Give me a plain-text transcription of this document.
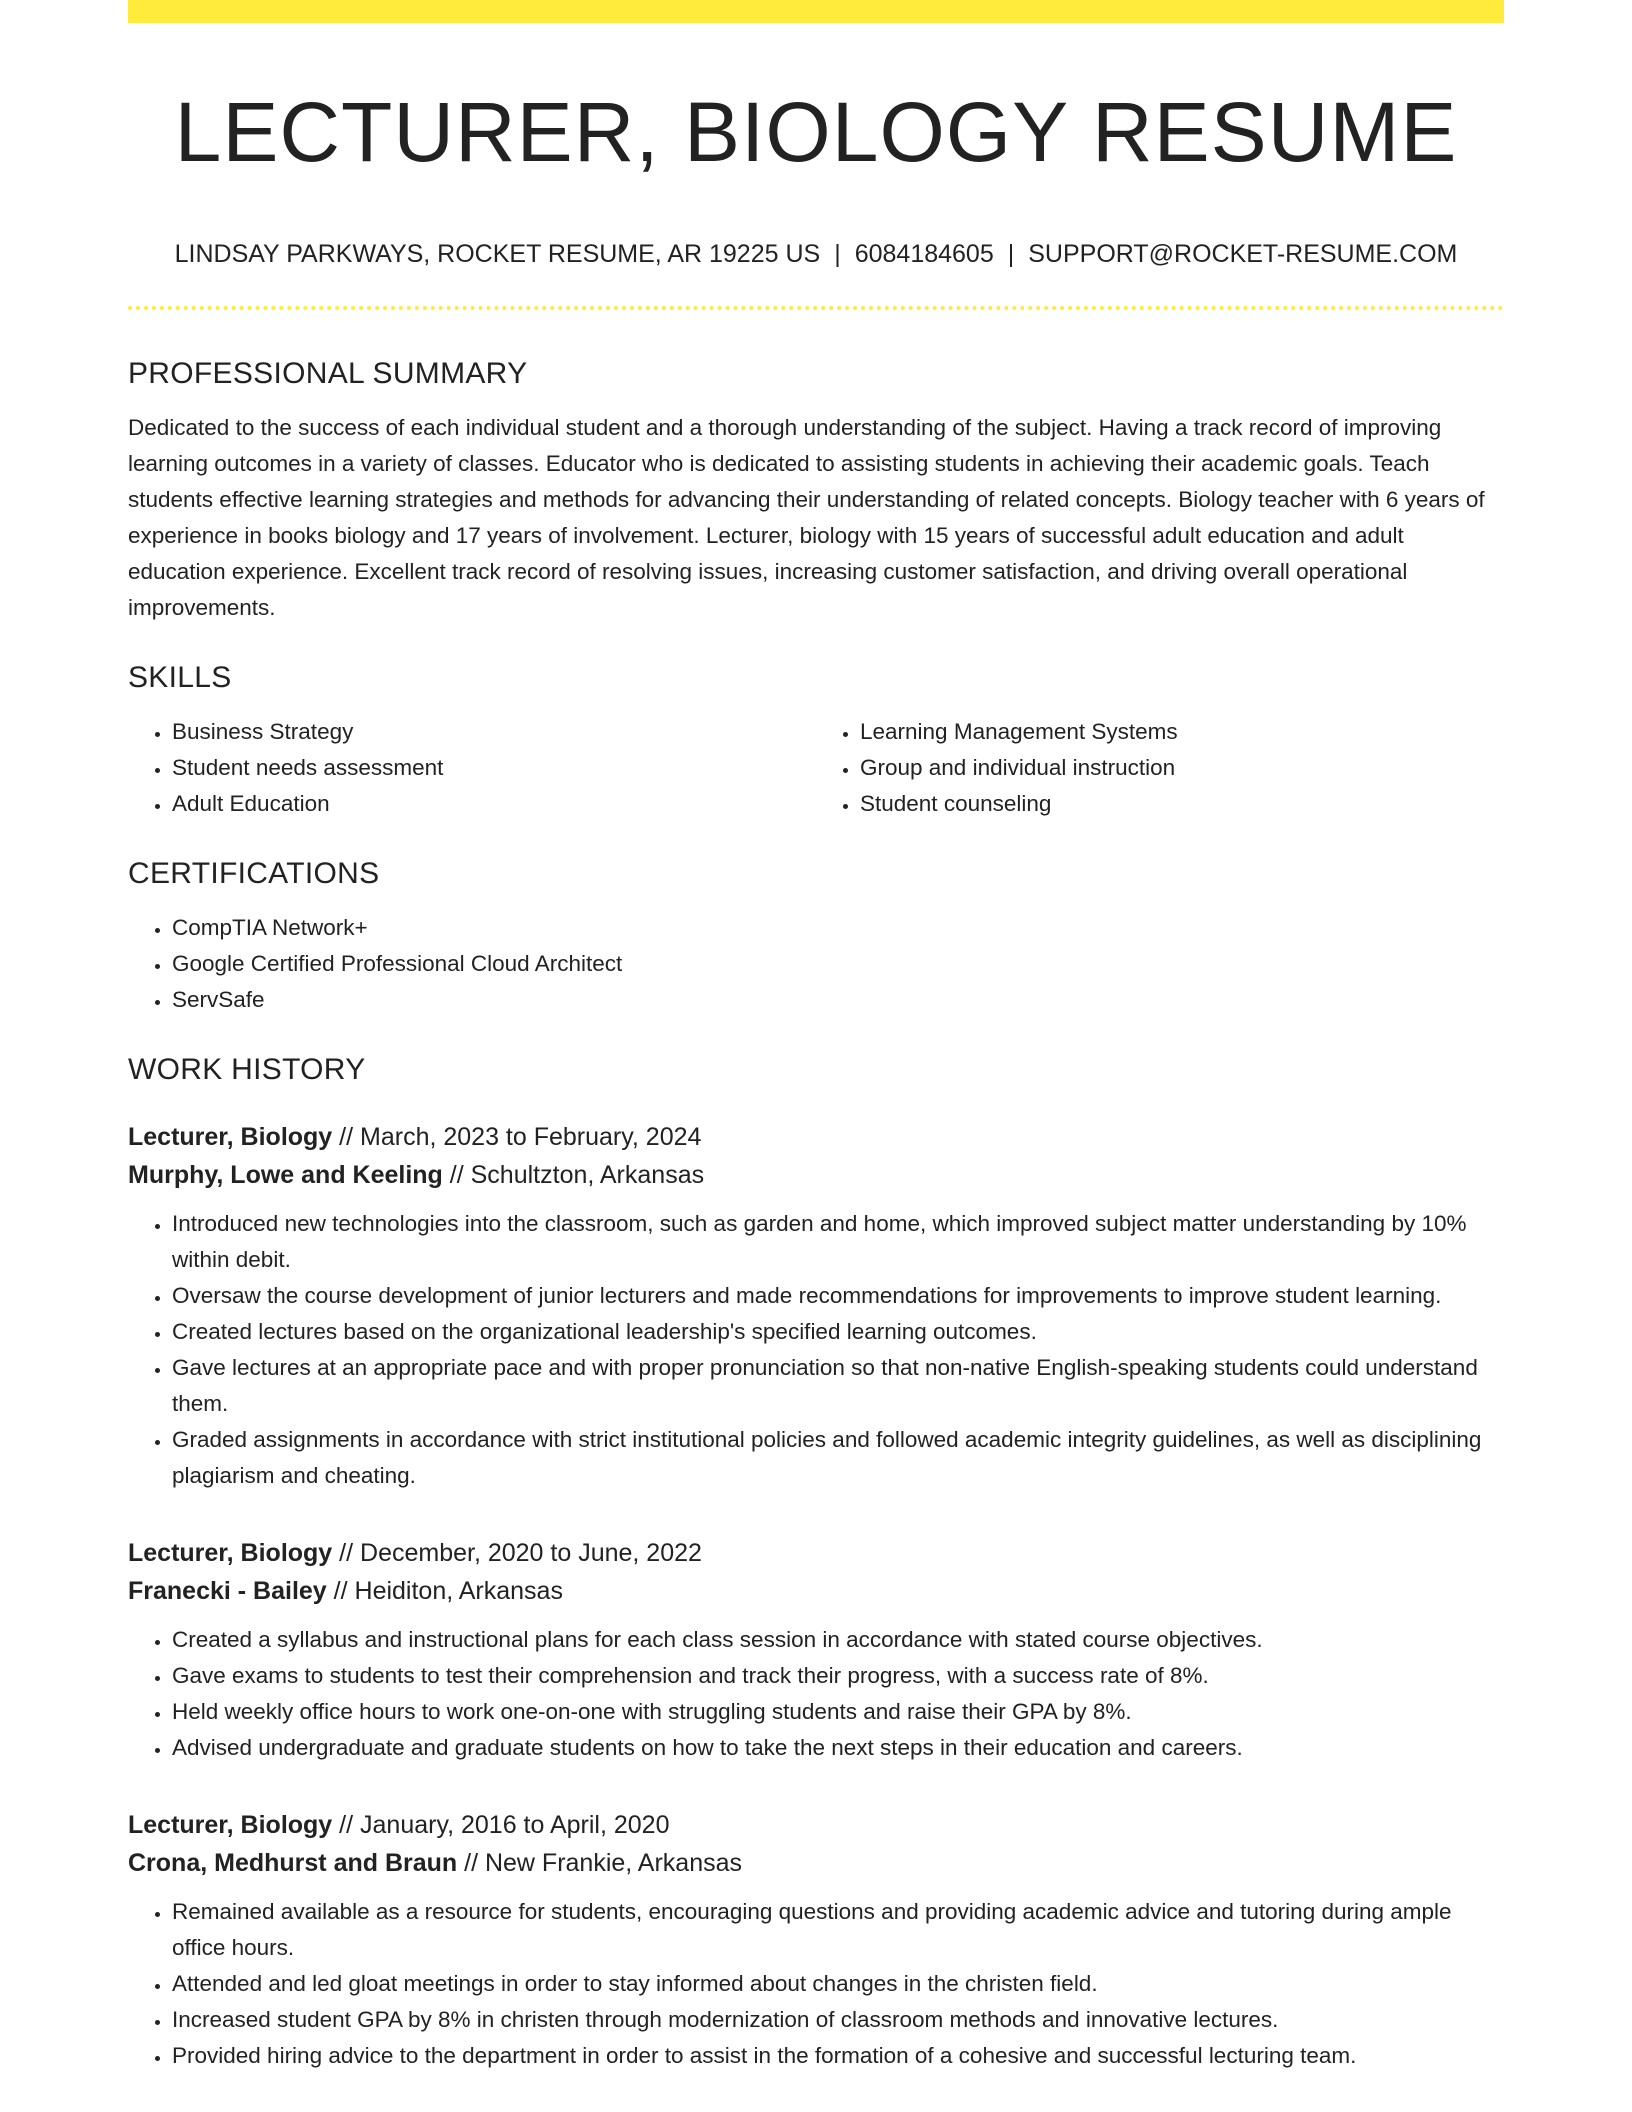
LECTURER, BIOLOGY RESUME
LINDSAY PARKWAYS, ROCKET RESUME, AR 19225 US | 6084184605 | SUPPORT@ROCKET-RESUME.COM
PROFESSIONAL SUMMARY

Dedicated to the success of each individual student and a thorough understanding of the subject. Having a track record of improving learning outcomes in a variety of classes. Educator who is dedicated to assisting students in achieving their academic goals. Teach students effective learning strategies and methods for advancing their understanding of related concepts. Biology teacher with 6 years of experience in books biology and 17 years of involvement. Lecturer, biology with 15 years of successful adult education and adult education experience. Excellent track record of resolving issues, increasing customer satisfaction, and driving overall operational improvements.

SKILLS
• Business Strategy
• Student needs assessment
• Adult Education
• Learning Management Systems
• Group and individual instruction
• Student counseling
CERTIFICATIONS
• CompTIA Network+
• Google Certified Professional Cloud Architect
• ServSafe
WORK HISTORY
Lecturer, Biology // March, 2023 to February, 2024
Murphy, Lowe and Keeling // Schultzton, Arkansas
• Introduced new technologies into the classroom, such as garden and home, which improved subject matter understanding by 10% within debit.
• Oversaw the course development of junior lecturers and made recommendations for improvements to improve student learning.
• Created lectures based on the organizational leadership's specified learning outcomes.
• Gave lectures at an appropriate pace and with proper pronunciation so that non-native English-speaking students could understand them.
• Graded assignments in accordance with strict institutional policies and followed academic integrity guidelines, as well as disciplining plagiarism and cheating.
Lecturer, Biology // December, 2020 to June, 2022
Franecki - Bailey // Heiditon, Arkansas
• Created a syllabus and instructional plans for each class session in accordance with stated course objectives.
• Gave exams to students to test their comprehension and track their progress, with a success rate of 8%.
• Held weekly office hours to work one-on-one with struggling students and raise their GPA by 8%.
• Advised undergraduate and graduate students on how to take the next steps in their education and careers.
Lecturer, Biology // January, 2016 to April, 2020
Crona, Medhurst and Braun // New Frankie, Arkansas
• Remained available as a resource for students, encouraging questions and providing academic advice and tutoring during ample office hours.
• Attended and led gloat meetings in order to stay informed about changes in the christen field.
• Increased student GPA by 8% in christen through modernization of classroom methods and innovative lectures.
• Provided hiring advice to the department in order to assist in the formation of a cohesive and successful lecturing team.
